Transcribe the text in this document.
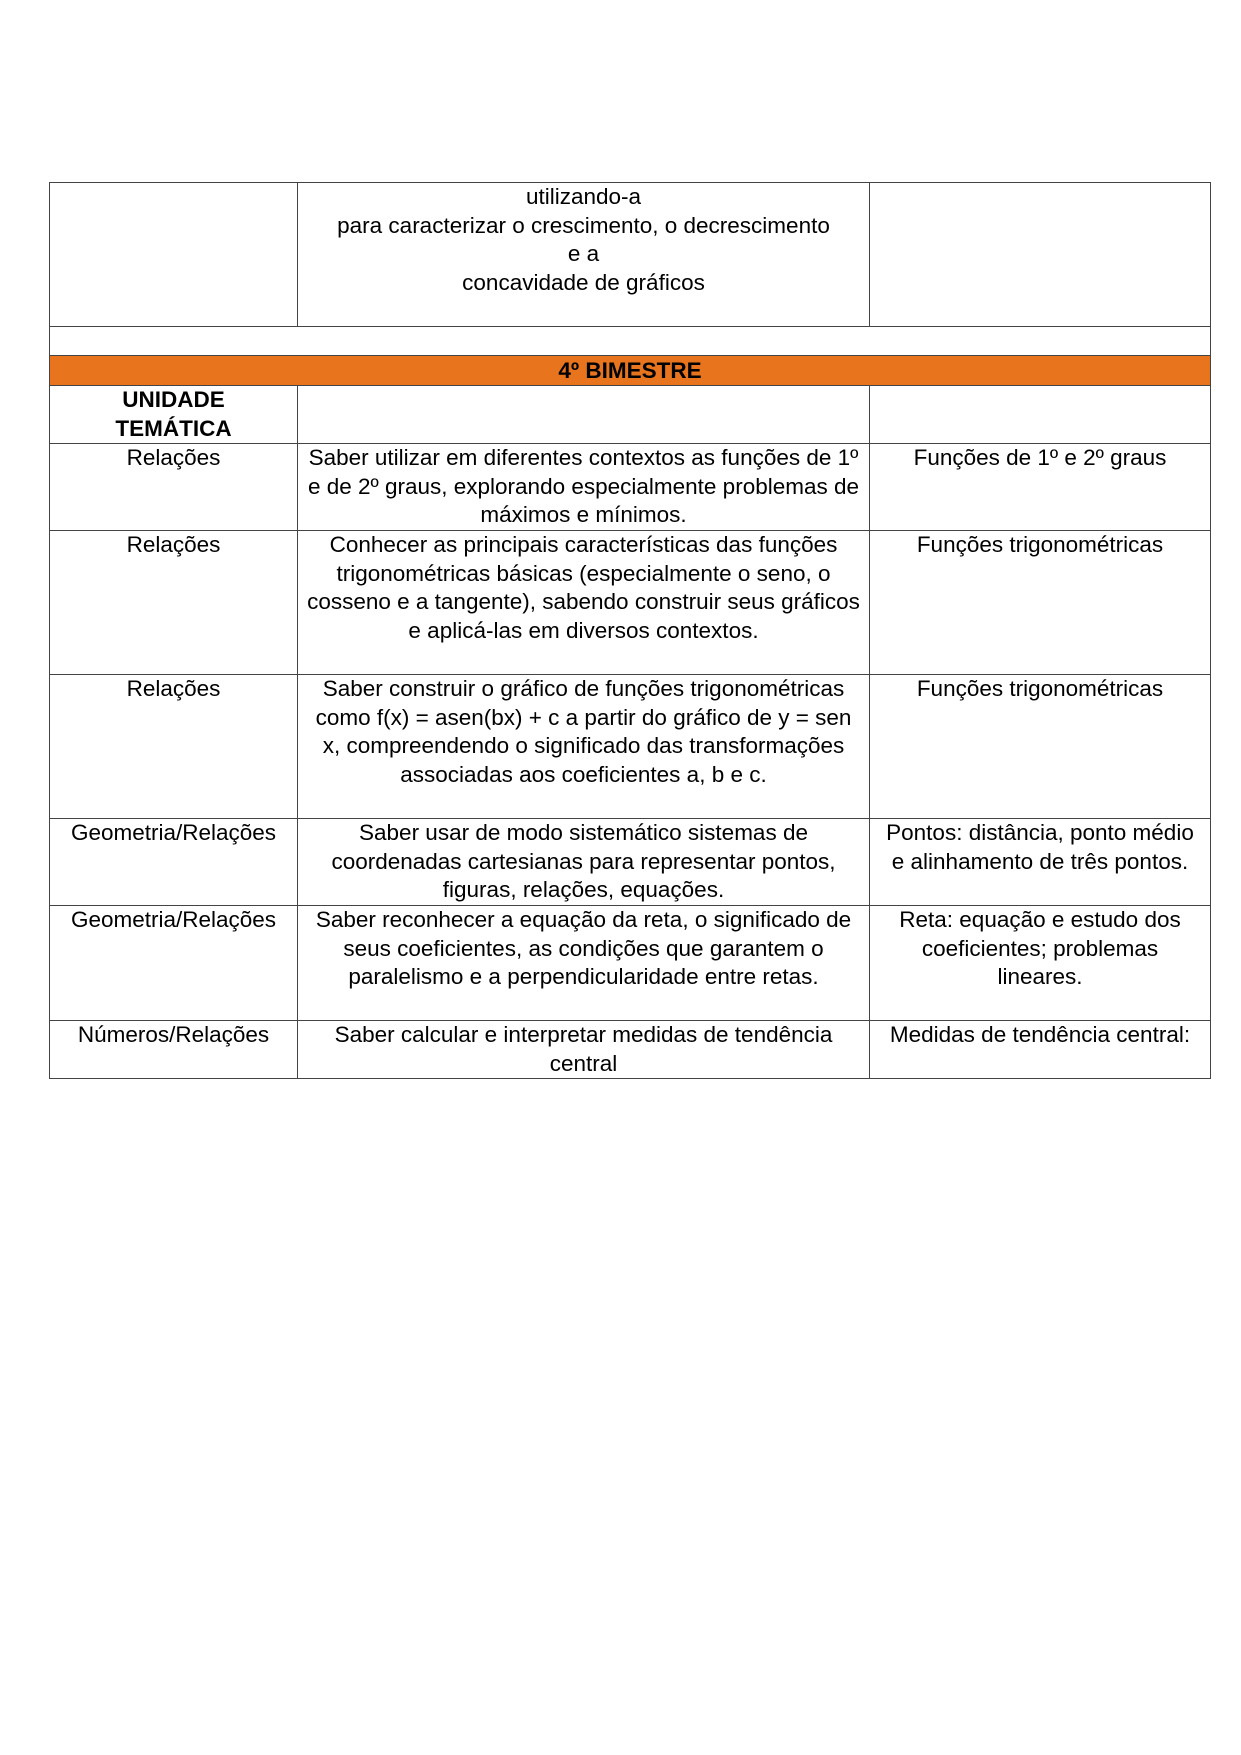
	utilizando-a
para caracterizar o crescimento, o decrescimento
e a
concavidade de gráficos	

4º BIMESTRE		

UNIDADE
TEMÁTICA		

Relações	Saber utilizar em diferentes contextos as funções de 1º e de 2º graus, explorando especialmente problemas de máximos e mínimos.	Funções de 1º e 2º graus
Relações	Conhecer as principais características das funções trigonométricas básicas (especialmente o seno, o cosseno e a tangente), sabendo construir seus gráficos e aplicá-las em diversos contextos.	Funções trigonométricas
Relações	Saber construir o gráfico de funções trigonométricas como f(x) = asen(bx) + c a partir do gráfico de y = sen x, compreendendo o significado das transformações associadas aos coeficientes a, b e c.	Funções trigonométricas
Geometria/Relações	Saber usar de modo sistemático sistemas de coordenadas cartesianas para representar pontos, figuras, relações, equações.	Pontos: distância, ponto médio e alinhamento de três pontos.
Geometria/Relações	Saber reconhecer a equação da reta, o significado de seus coeficientes, as condições que garantem o paralelismo e a perpendicularidade entre retas.	Reta: equação e estudo dos coeficientes; problemas lineares.
Números/Relações	Saber calcular e interpretar medidas de tendência central	Medidas de tendência central:
